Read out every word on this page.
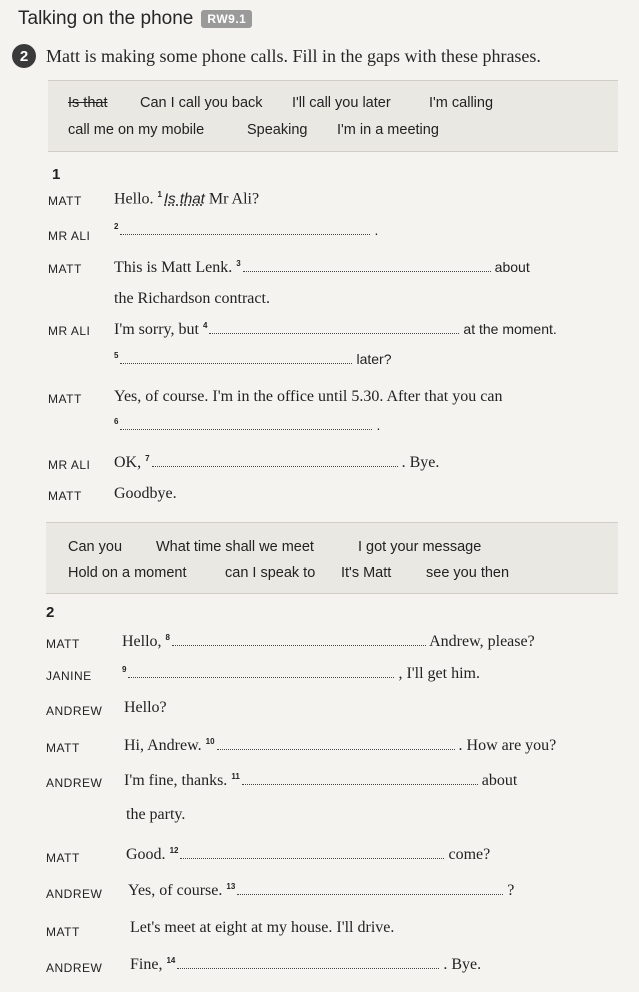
Talking on the phone	RW9.1
2 Matt is making some phone calls. Fill in the gaps with these phrases.
Is that Can I call you back I'll call you later	I'm calling
call me on my mobile	Speaking I'm in a meeting
1
MATT Hello. $^1$ Is that Mr Ali?
MR ALI
$^2$	.
MATT This is Matt Lenk. $^3$	about
the Richardson contract.
MR ALI I'm sorry, but $^4$	at the moment.
$^5$	later?
MATT Yes, of course. I'm in the office until 5.30. After that you can
$^6$	.
MR ALI OK, $^7$	. Bye.
MATT Goodbye.
Can you What time shall we meet	I got your message
Hold on a moment	can I speak to It's Matt see you then
2
MATT	Hello, $^8$	Andrew, please?
JANINE	$^9$	, I'll get him.
ANDREW Hello?
MATT	Hi, Andrew. $^{10}$	. How are you?
ANDREW I'm fine, thanks. $^{11}$	about
the party.
MATT	Good. $^{12}$	come?
ANDREW Yes, of course. $^{13}$	?
MATT	Let's meet at eight at my house. I'll drive.
ANDREW Fine, $^{14}$	. Bye.
